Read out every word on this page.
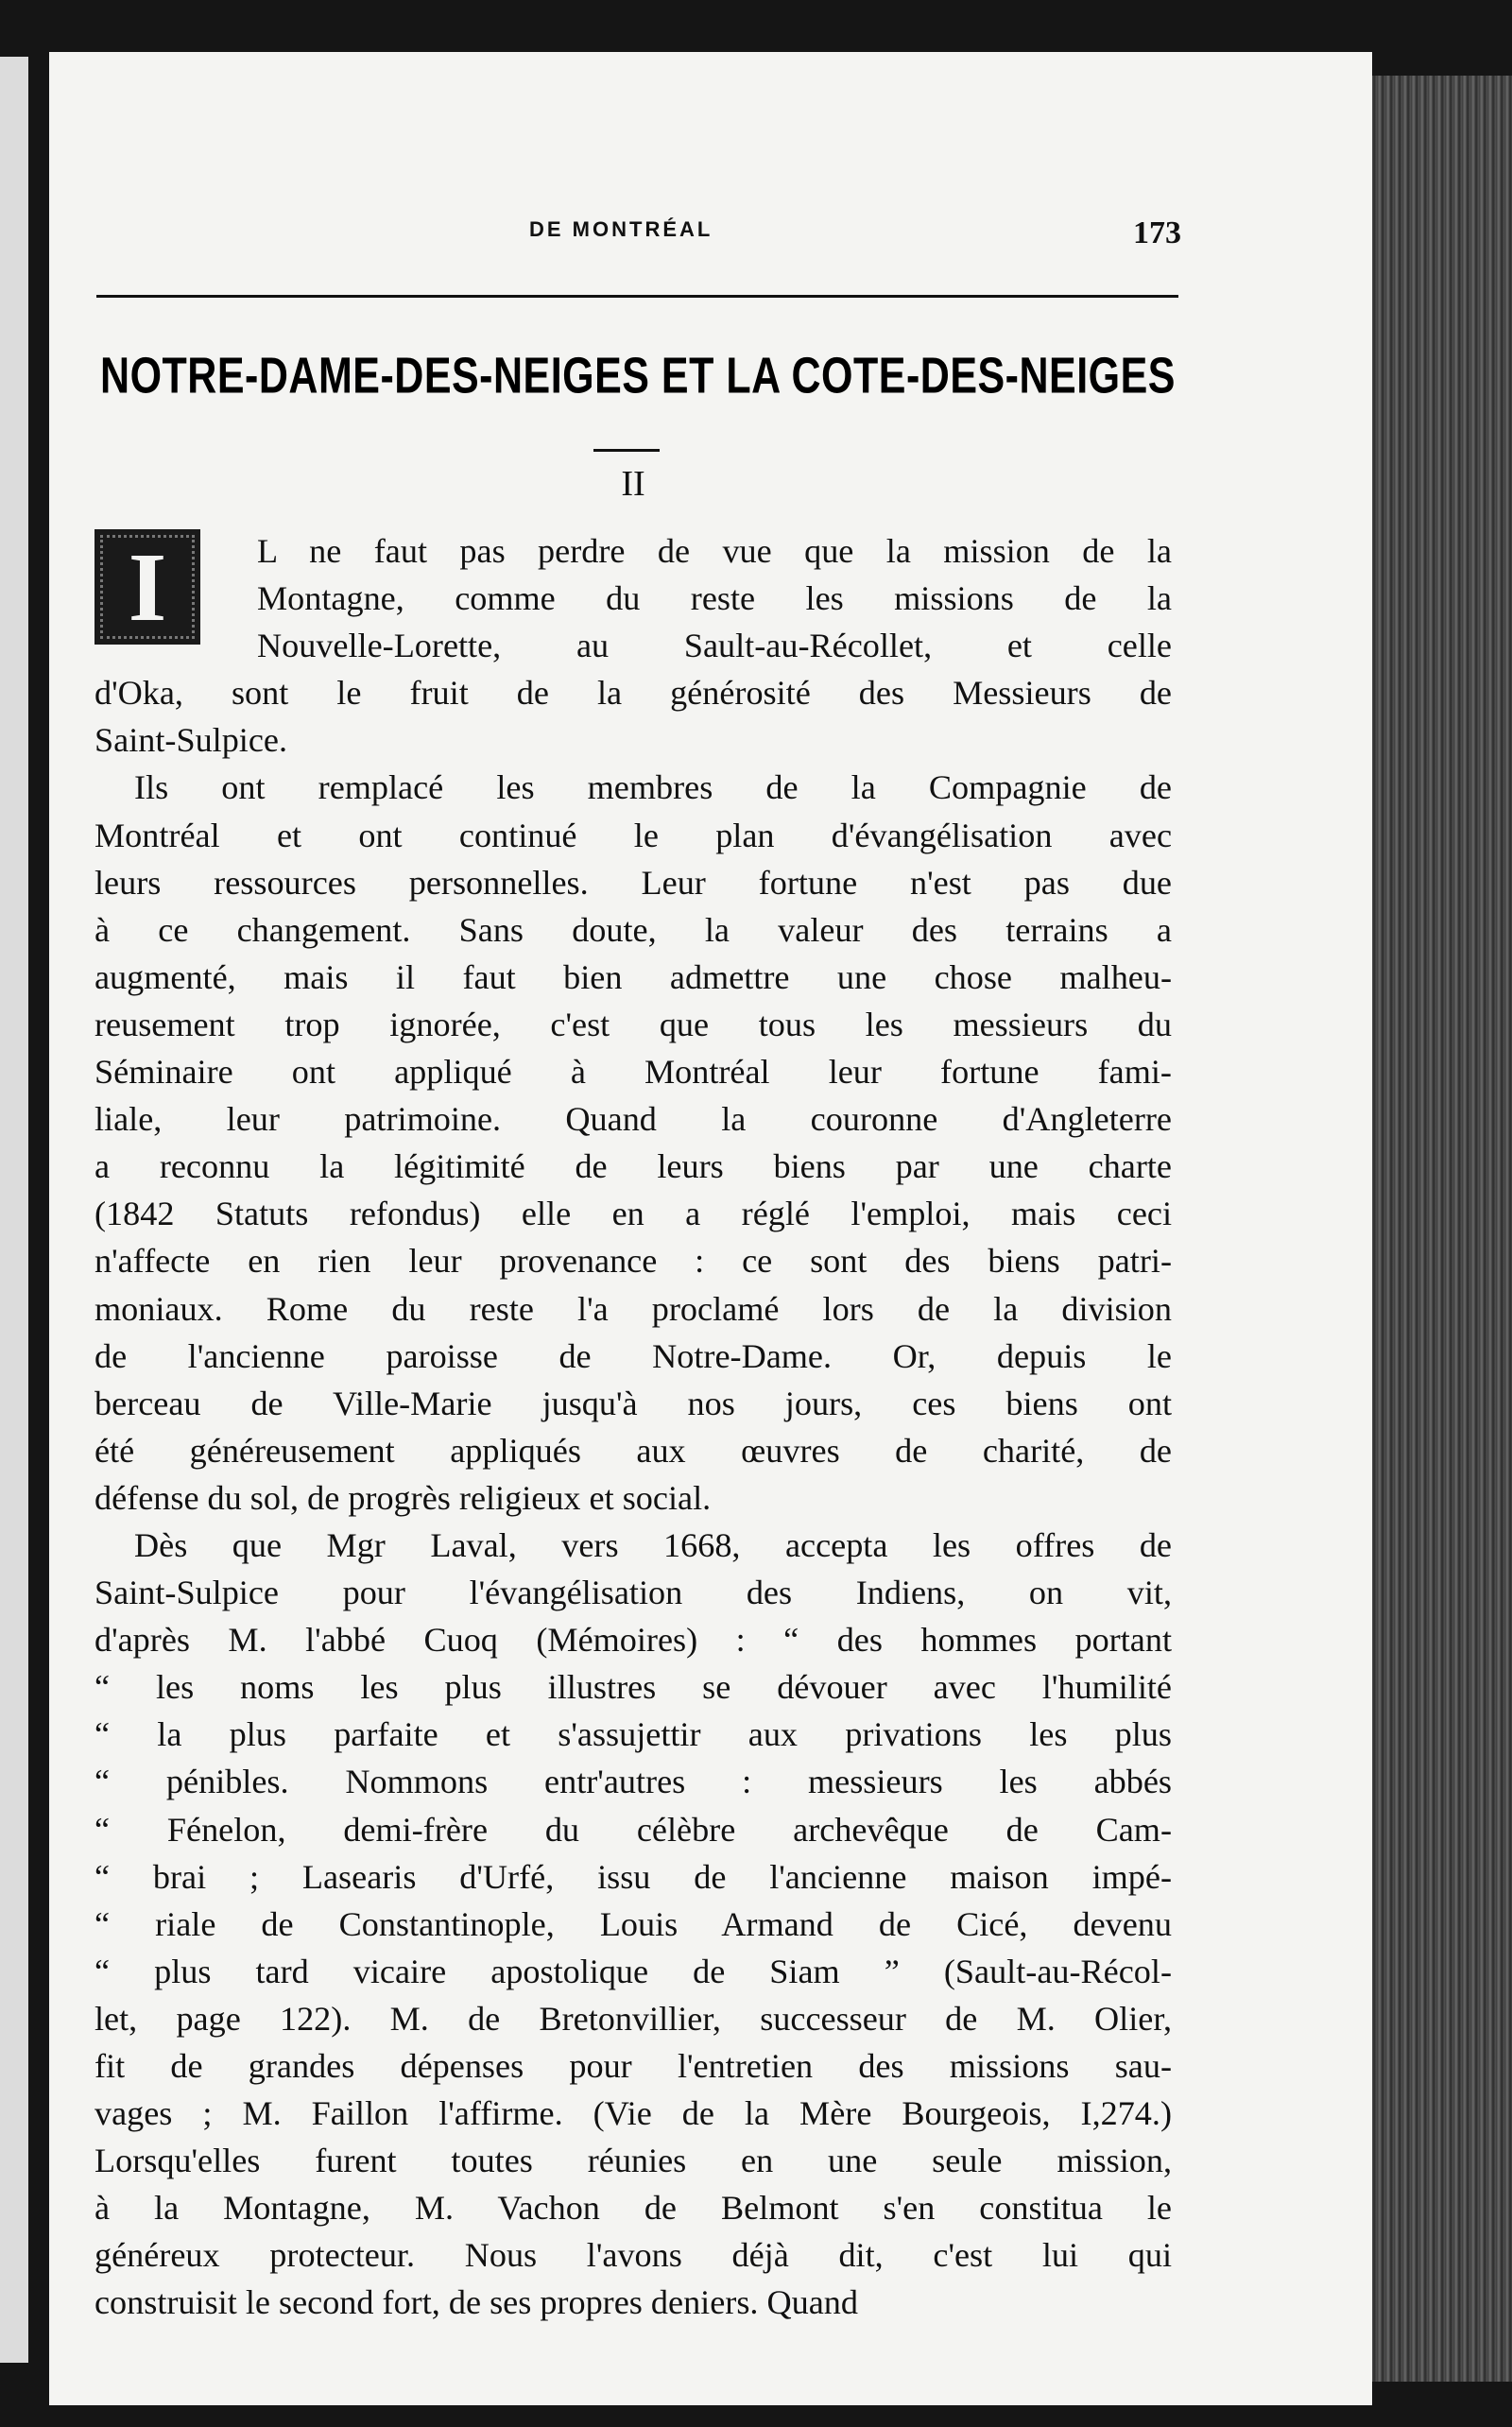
DE MONTRÉAL	173
NOTRE-DAME-DES-NEIGES ET LA COTE-DES-NEIGES
II
I	L ne faut pas perdre de vue que la mission de la
Montagne, comme du reste les missions de la
Nouvelle-Lorette, au Sault-au-Récollet, et celle
d'Oka, sont le fruit de la générosité des Messieurs de
Saint-Sulpice.

Ils ont remplacé les membres de la Compagnie de
Montréal et ont continué le plan d'évangélisation avec
leurs ressources personnelles. Leur fortune n'est pas due
à ce changement. Sans doute, la valeur des terrains a
augmenté, mais il faut bien admettre une chose malheu-
reusement trop ignorée, c'est que tous les messieurs du
Séminaire ont appliqué à Montréal leur fortune fami-
liale, leur patrimoine. Quand la couronne d'Angleterre
a reconnu la légitimité de leurs biens par une charte
(1842 Statuts refondus) elle en a réglé l'emploi, mais ceci
n'affecte en rien leur provenance : ce sont des biens patri-
moniaux. Rome du reste l'a proclamé lors de la division
de l'ancienne paroisse de Notre-Dame. Or, depuis le
berceau de Ville-Marie jusqu'à nos jours, ces biens ont
été généreusement appliqués aux œuvres de charité, de
défense du sol, de progrès religieux et social.

Dès que Mgr Laval, vers 1668, accepta les offres de
Saint-Sulpice pour l'évangélisation des Indiens, on vit,
d'après M. l'abbé Cuoq (Mémoires) : “ des hommes portant
“ les noms les plus illustres se dévouer avec l'humilité
“ la plus parfaite et s'assujettir aux privations les plus
“ pénibles. Nommons entr'autres : messieurs les abbés
“ Fénelon, demi-frère du célèbre archevêque de Cam-
“ brai ; Lasearis d'Urfé, issu de l'ancienne maison impé-
“ riale de Constantinople, Louis Armand de Cicé, devenu
“ plus tard vicaire apostolique de Siam ” (Sault-au-Récol-
let, page 122). M. de Bretonvillier, successeur de M. Olier,
fit de grandes dépenses pour l'entretien des missions sau-
vages ; M. Faillon l'affirme. (Vie de la Mère Bourgeois, I,274.)
Lorsqu'elles furent toutes réunies en une seule mission,
à la Montagne, M. Vachon de Belmont s'en constitua le
généreux protecteur. Nous l'avons déjà dit, c'est lui qui
construisit le second fort, de ses propres deniers. Quand
